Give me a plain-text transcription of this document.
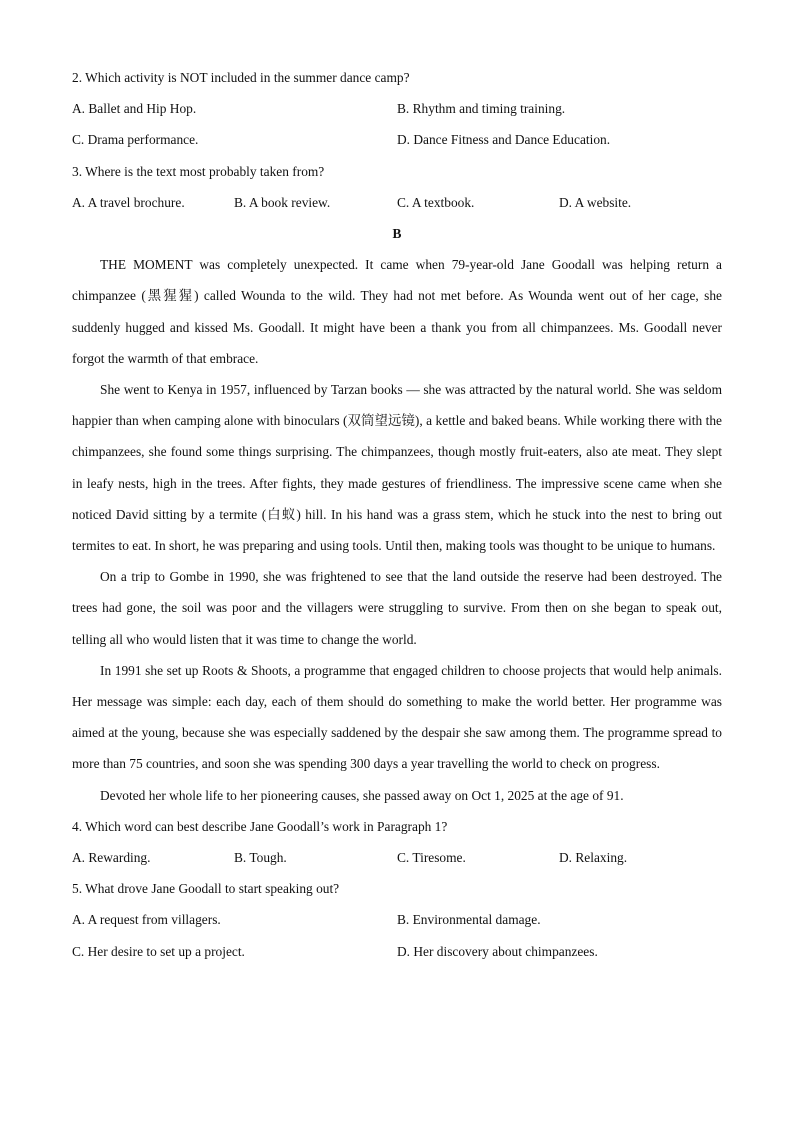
2. Which activity is NOT included in the summer dance camp?
A. Ballet and Hip Hop.	B. Rhythm and timing training.
C. Drama performance.	D. Dance Fitness and Dance Education.
3. Where is the text most probably taken from?
A. A travel brochure.	B. A book review.	C. A textbook.	D. A website.
B

THE MOMENT was completely unexpected. It came when 79-year-old Jane Goodall was helping return a chimpanzee (黑猩猩) called Wounda to the wild. They had not met before. As Wounda went out of her cage, she suddenly hugged and kissed Ms. Goodall. It might have been a thank you from all chimpanzees. Ms. Goodall never forgot the warmth of that embrace.

She went to Kenya in 1957, influenced by Tarzan books — she was attracted by the natural world. She was seldom happier than when camping alone with binoculars (双筒望远镜), a kettle and baked beans. While working there with the chimpanzees, she found some things surprising. The chimpanzees, though mostly fruit-eaters, also ate meat. They slept in leafy nests, high in the trees. After fights, they made gestures of friendliness. The impressive scene came when she noticed David sitting by a termite (白蚁) hill. In his hand was a grass stem, which he stuck into the nest to bring out termites to eat. In short, he was preparing and using tools. Until then, making tools was thought to be unique to humans.

On a trip to Gombe in 1990, she was frightened to see that the land outside the reserve had been destroyed. The trees had gone, the soil was poor and the villagers were struggling to survive. From then on she began to speak out, telling all who would listen that it was time to change the world.

In 1991 she set up Roots & Shoots, a programme that engaged children to choose projects that would help animals. Her message was simple: each day, each of them should do something to make the world better. Her programme was aimed at the young, because she was especially saddened by the despair she saw among them. The programme spread to more than 75 countries, and soon she was spending 300 days a year travelling the world to check on progress.

Devoted her whole life to her pioneering causes, she passed away on Oct 1, 2025 at the age of 91.

4. Which word can best describe Jane Goodall’s work in Paragraph 1?
A. Rewarding.	B. Tough.	C. Tiresome.	D. Relaxing.
5. What drove Jane Goodall to start speaking out?
A. A request from villagers.	B. Environmental damage.
C. Her desire to set up a project.	D. Her discovery about chimpanzees.
